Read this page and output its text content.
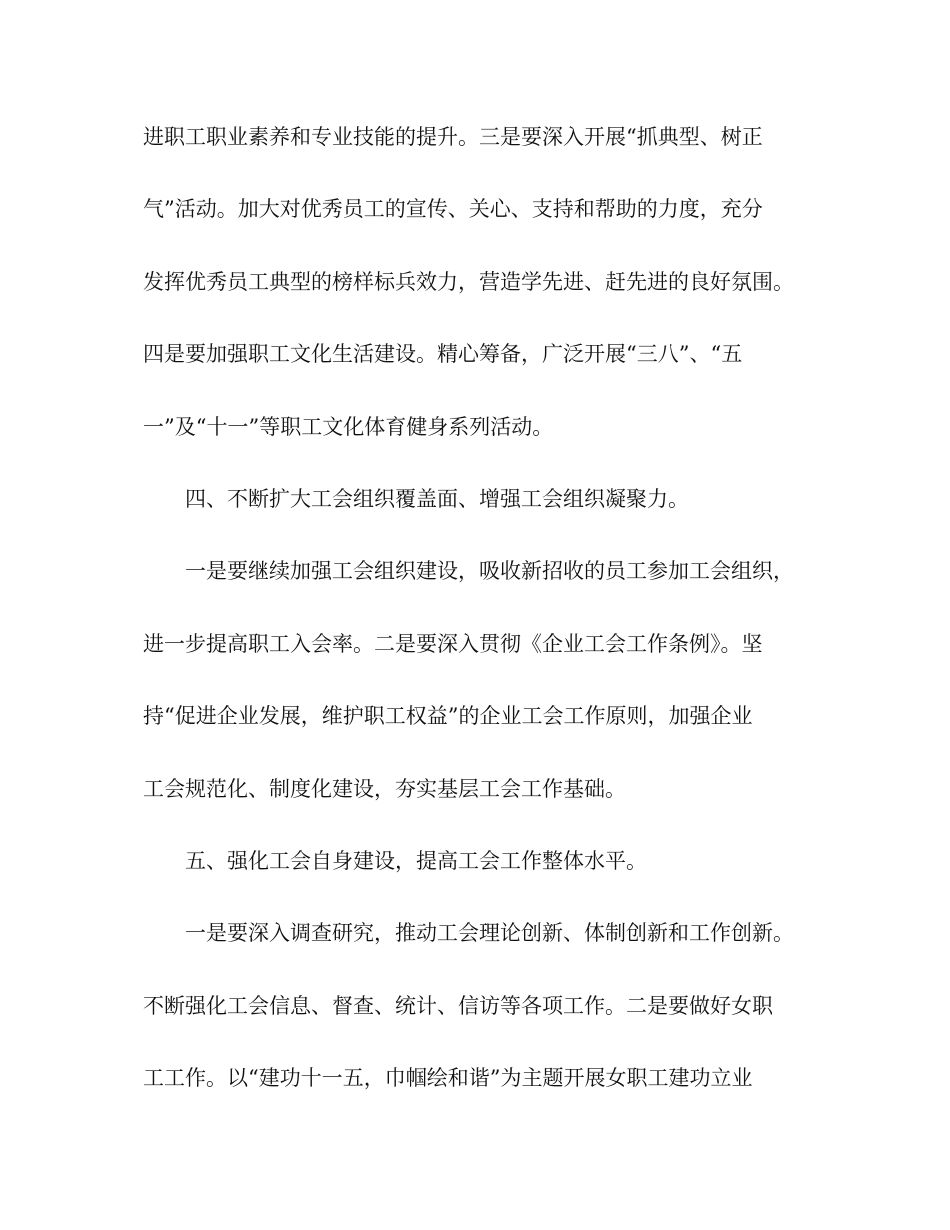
进职工职业素养和专业技能的提升。三是要深入开展“抓典型、树正
气”活动。加大对优秀员工的宣传、关心、支持和帮助的力度，充分
发挥优秀员工典型的榜样标兵效力，营造学先进、赶先进的良好氛围。
四是要加强职工文化生活建设。精心筹备，广泛开展“三八”、“五
一”及“十一”等职工文化体育健身系列活动。
四、不断扩大工会组织覆盖面、增强工会组织凝聚力。
一是要继续加强工会组织建设，吸收新招收的员工参加工会组织，
进一步提高职工入会率。二是要深入贯彻《企业工会工作条例》。坚
持“促进企业发展，维护职工权益”的企业工会工作原则，加强企业
工会规范化、制度化建设，夯实基层工会工作基础。
五、强化工会自身建设，提高工会工作整体水平。
一是要深入调查研究，推动工会理论创新、体制创新和工作创新。
不断强化工会信息、督查、统计、信访等各项工作。二是要做好女职
工工作。以“建功十一五，巾帼绘和谐”为主题开展女职工建功立业
